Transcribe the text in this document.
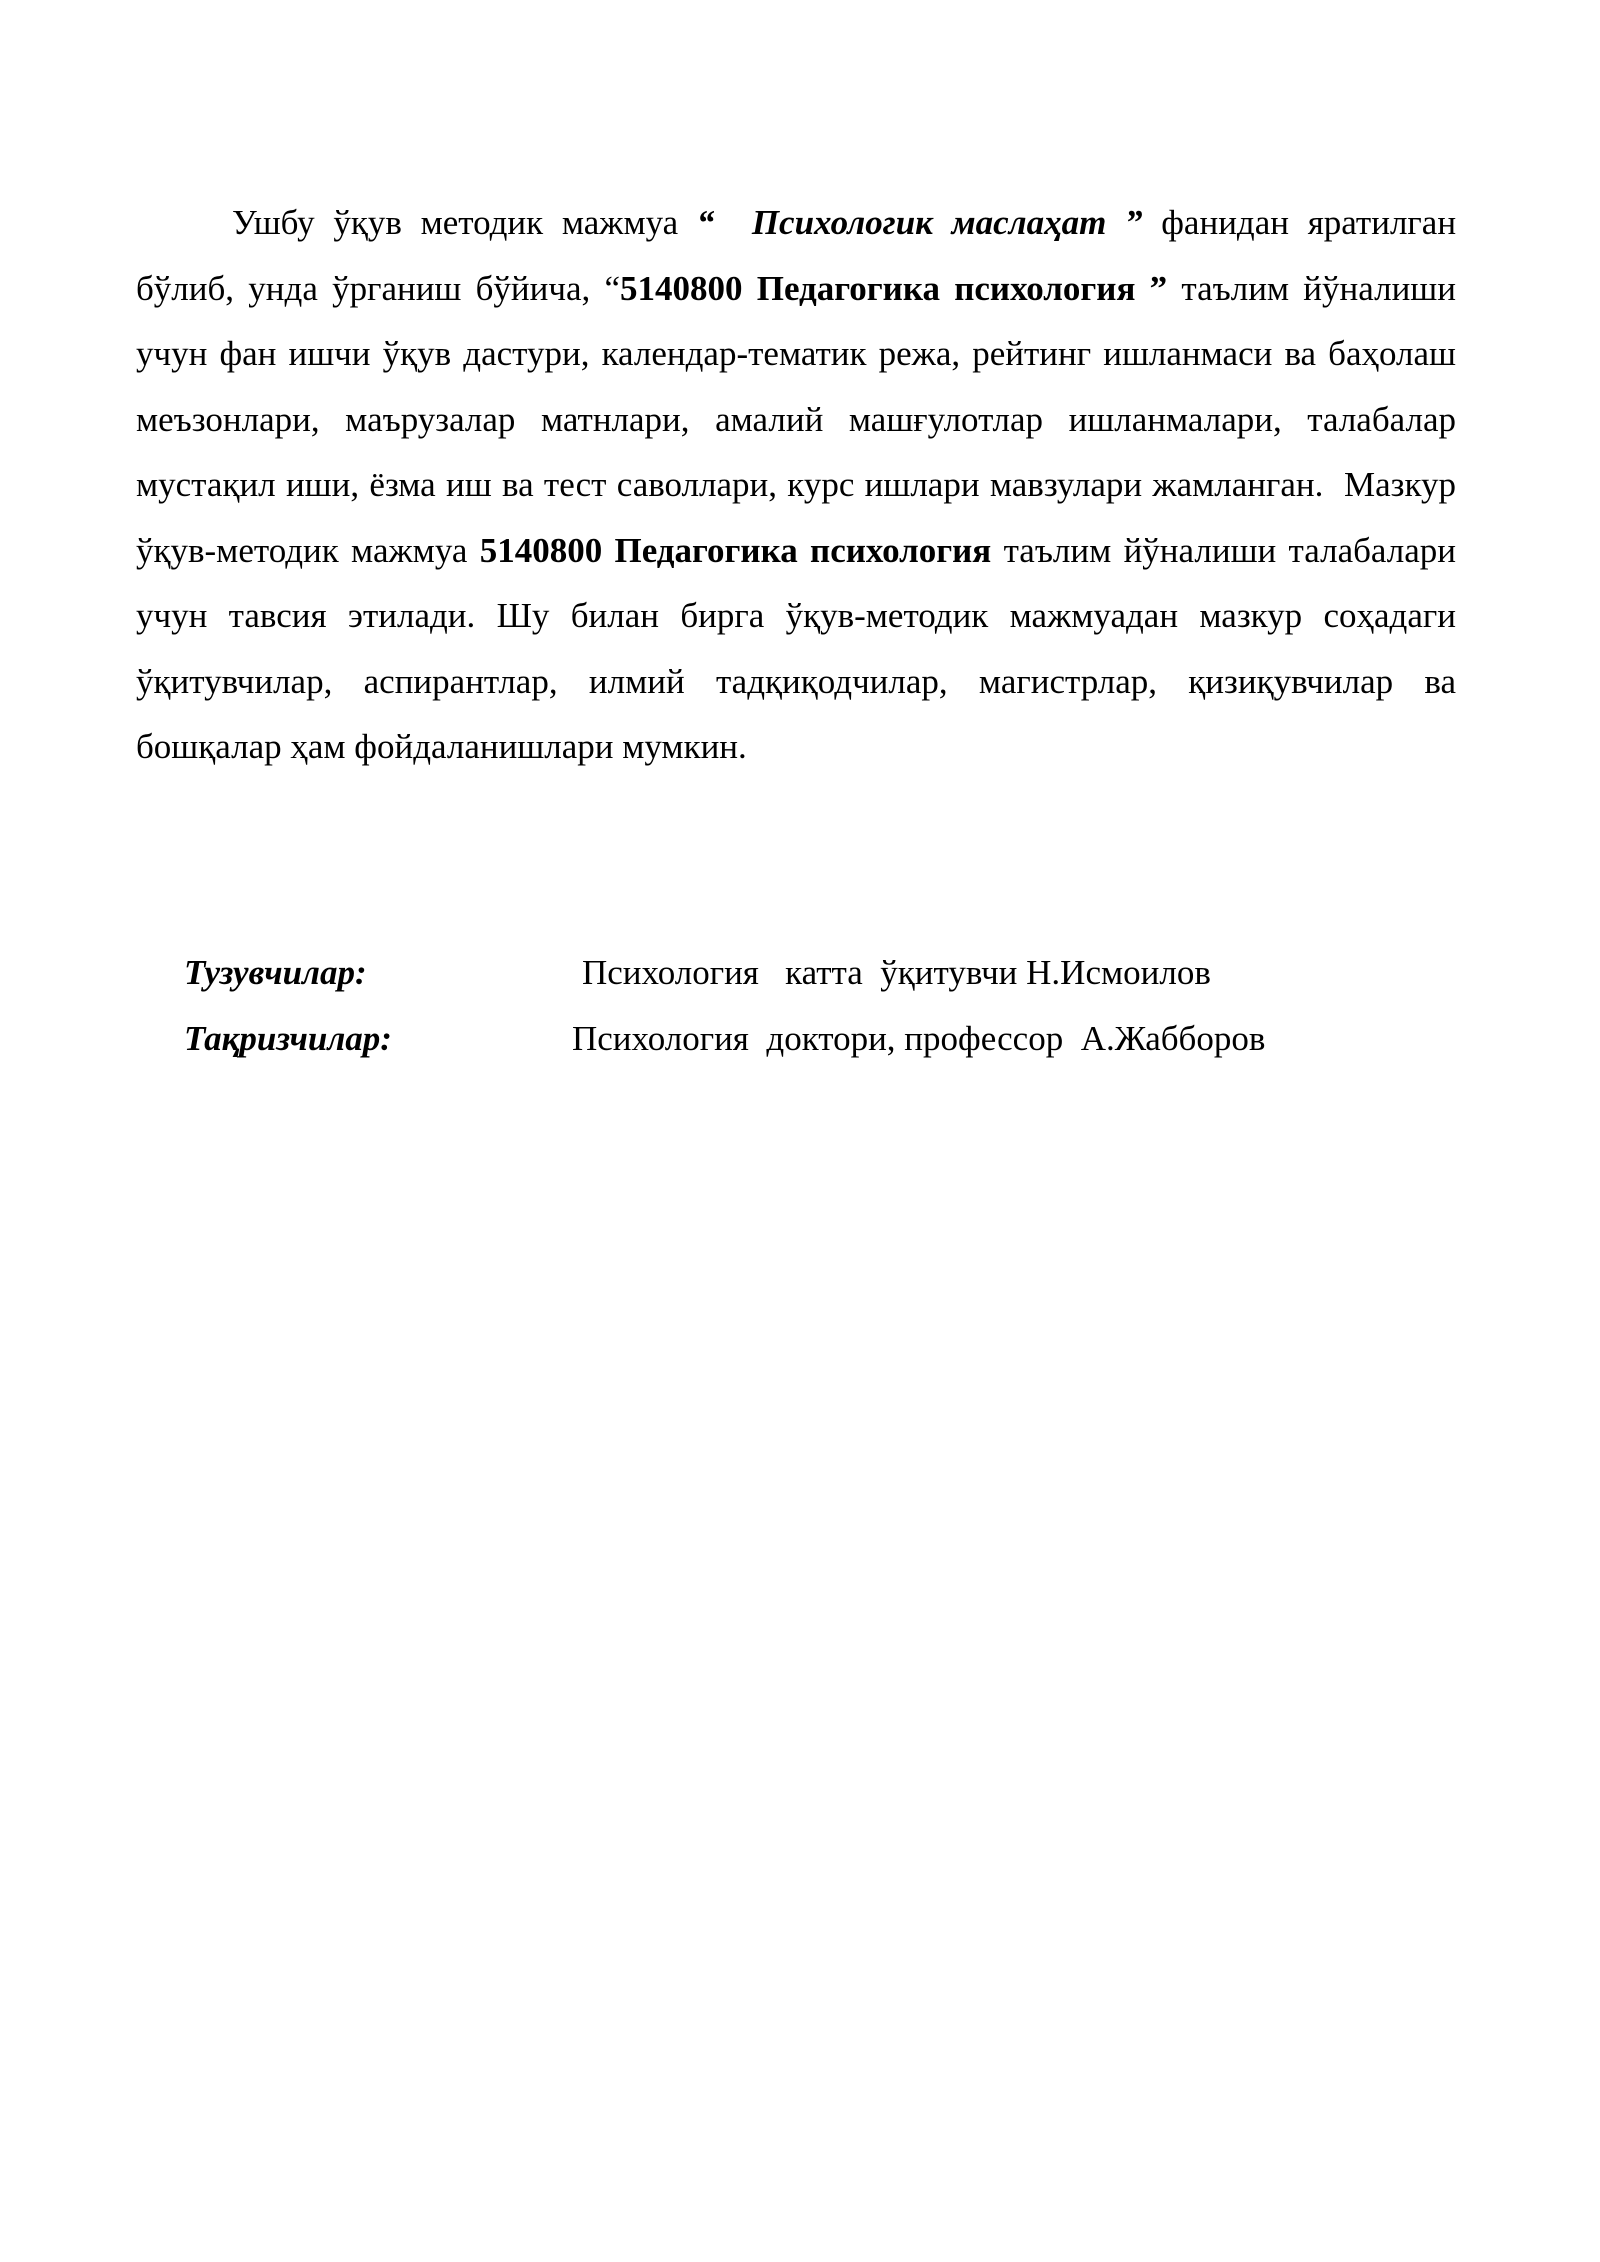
Ушбу ўқув методик мажмуа “ Психологик маслаҳат ” фанидан яратилган бўлиб, унда ўрганиш бўйича, “5140800 Педагогика психология ” таълим йўналиши учун фан ишчи ўқув дастури, календар-тематик режа, рейтинг ишланмаси ва баҳолаш меъзонлари, маърузалар матнлари, амалий машғулотлар ишланмалари, талабалар мустақил иши, ёзма иш ва тест саволлари, курс ишлари мавзулари жамланган. Мазкур ўқув-методик мажмуа 5140800 Педагогика психология таълим йўналиши талабалари учун тавсия этилади. Шу билан бирга ўқув-методик мажмуадан мазкур соҳадаги ўқитувчилар, аспирантлар, илмий тадқиқодчилар, магистрлар, қизиқувчилар ва бошқалар ҳам фойдаланишлари мумкин.

Тузувчилар:	Психология   катта  ўқитувчи Н.Исмоилов
Тақризчилар:	Психология  доктори, профессор  А.Жабборов
